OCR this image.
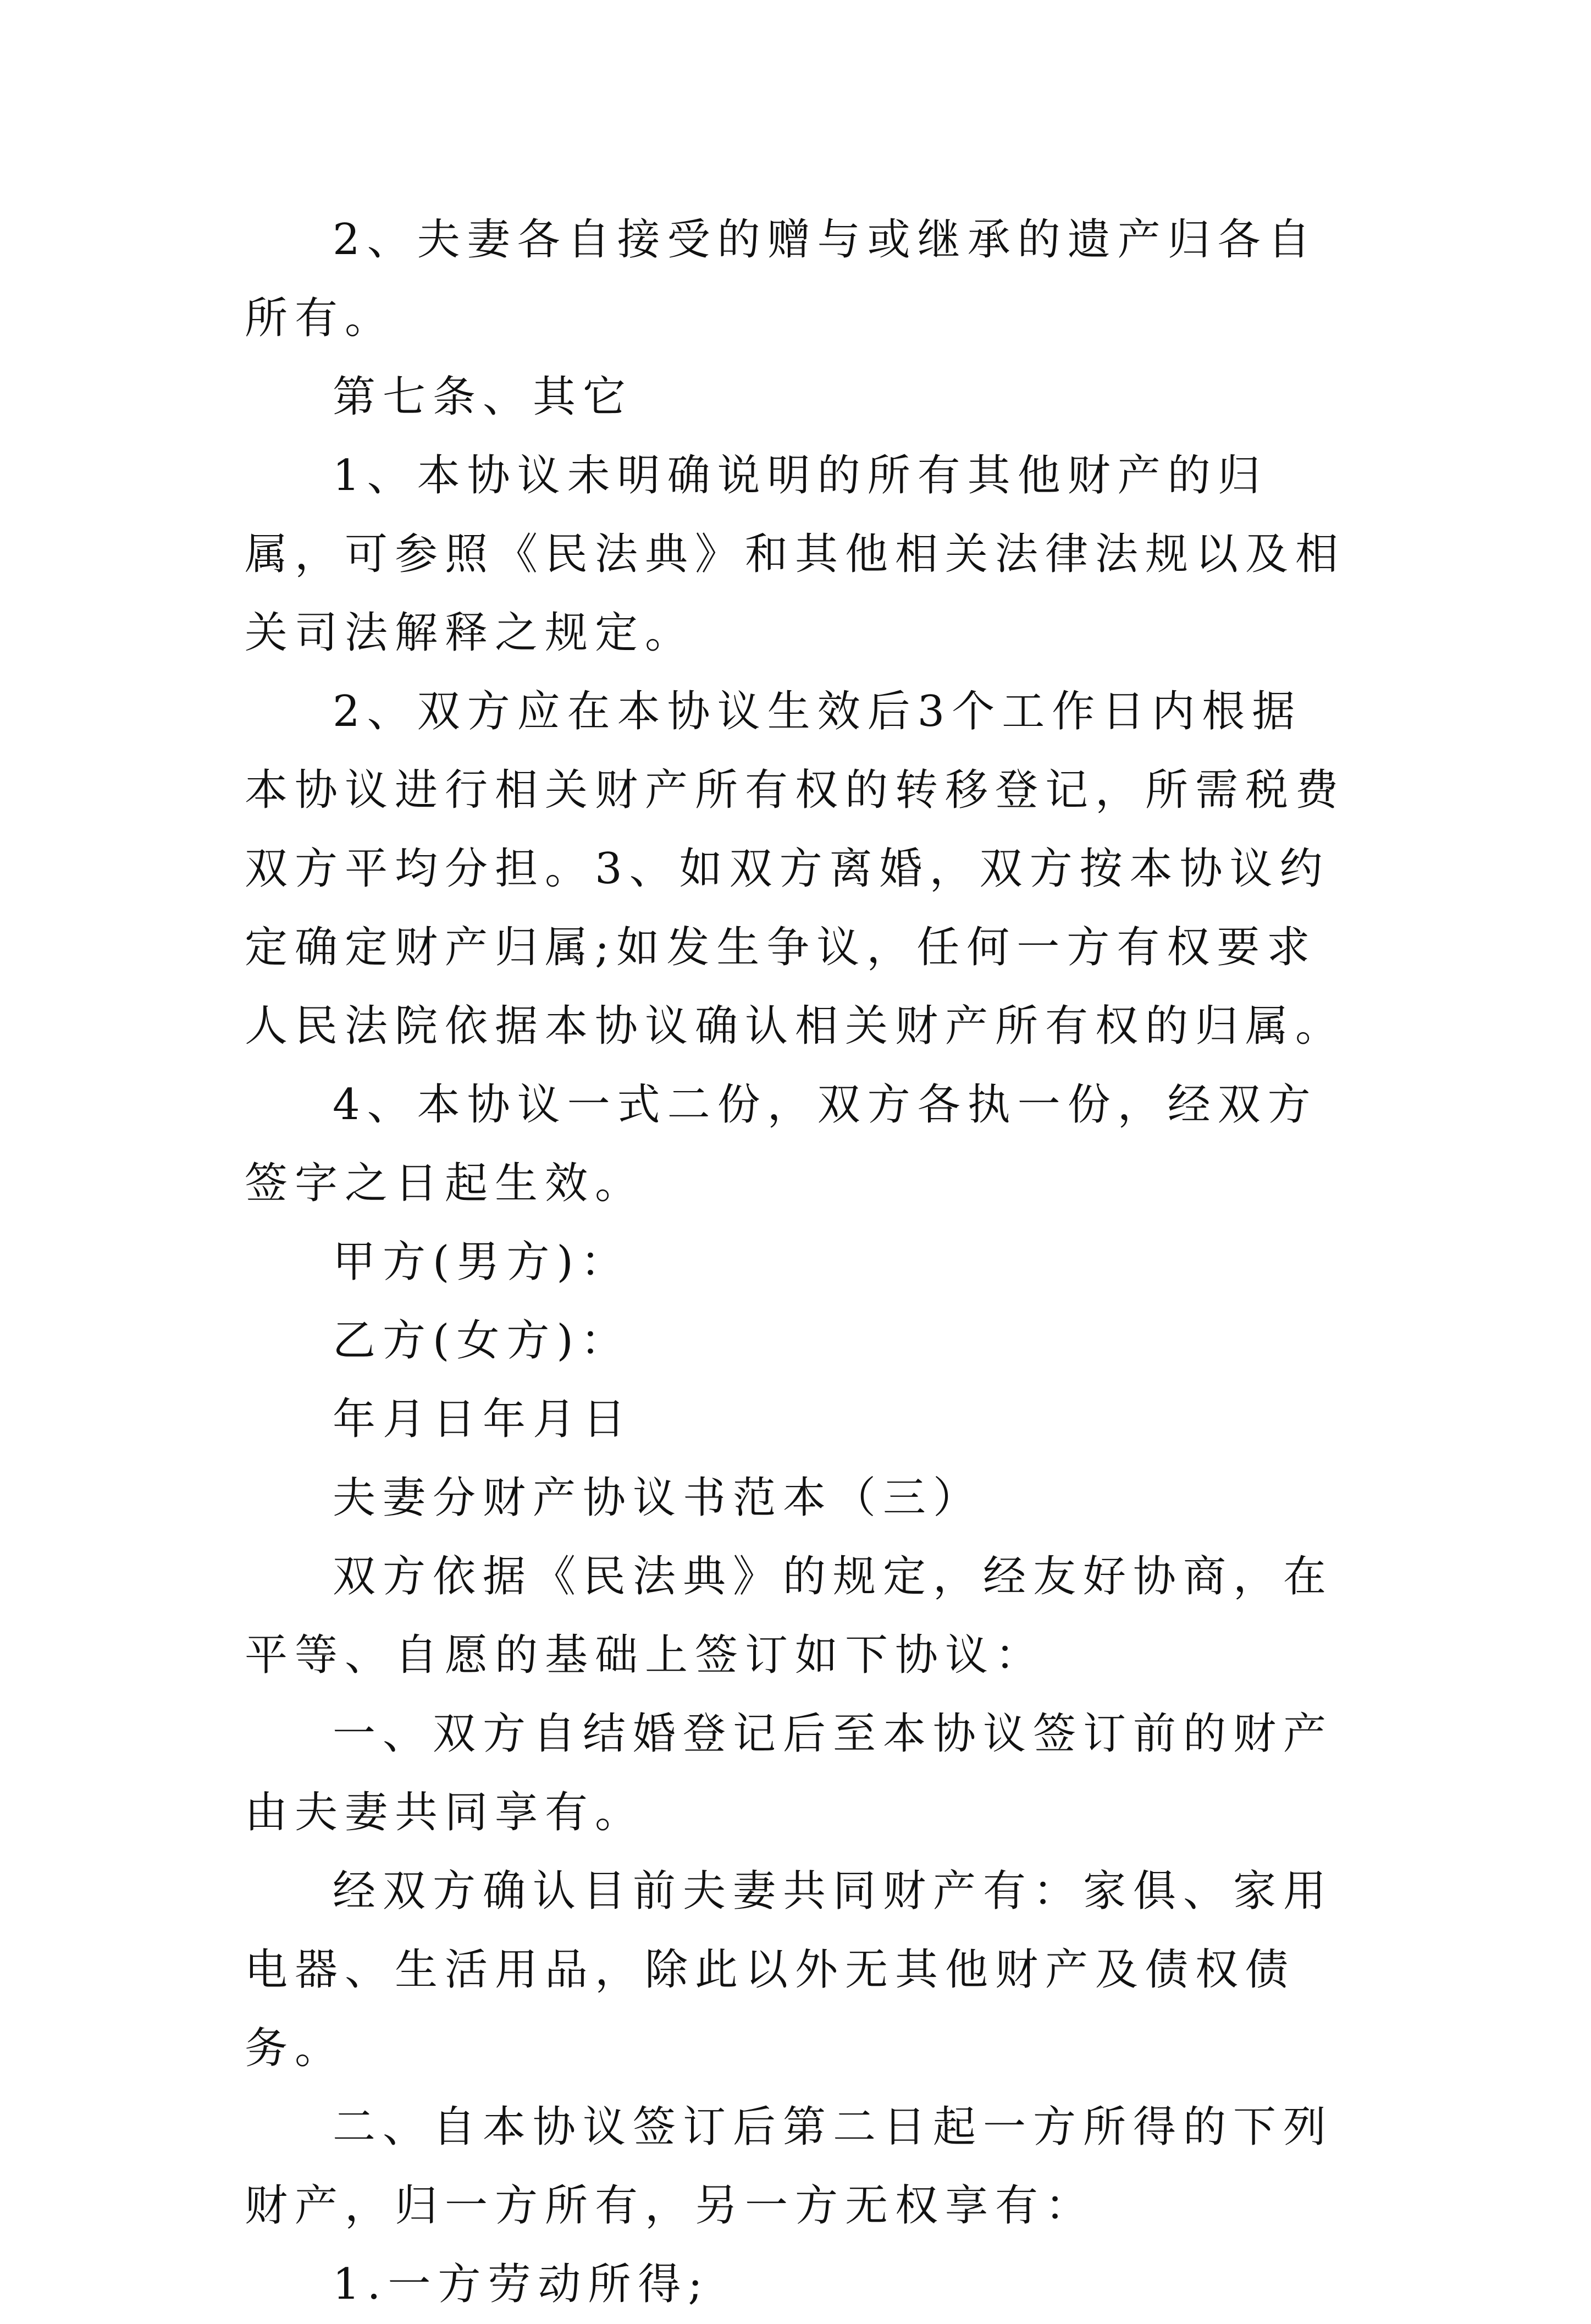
2、夫妻各自接受的赠与或继承的遗产归各自所有。

第七条、其它

1、本协议未明确说明的所有其他财产的归属，可参照《民法典》和其他相关法律法规以及相关司法解释之规定。

2、双方应在本协议生效后3个工作日内根据本协议进行相关财产所有权的转移登记，所需税费双方平均分担。3、如双方离婚，双方按本协议约定确定财产归属;如发生争议，任何一方有权要求人民法院依据本协议确认相关财产所有权的归属。

4、本协议一式二份，双方各执一份，经双方签字之日起生效。

甲方(男方)：

乙方(女方)：

年月日年月日

夫妻分财产协议书范本（三）

双方依据《民法典》的规定，经友好协商，在平等、自愿的基础上签订如下协议：

一、双方自结婚登记后至本协议签订前的财产由夫妻共同享有。

经双方确认目前夫妻共同财产有：家俱、家用电器、生活用品，除此以外无其他财产及债权债务。

二、自本协议签订后第二日起一方所得的下列财产，归一方所有，另一方无权享有：

1.一方劳动所得;
